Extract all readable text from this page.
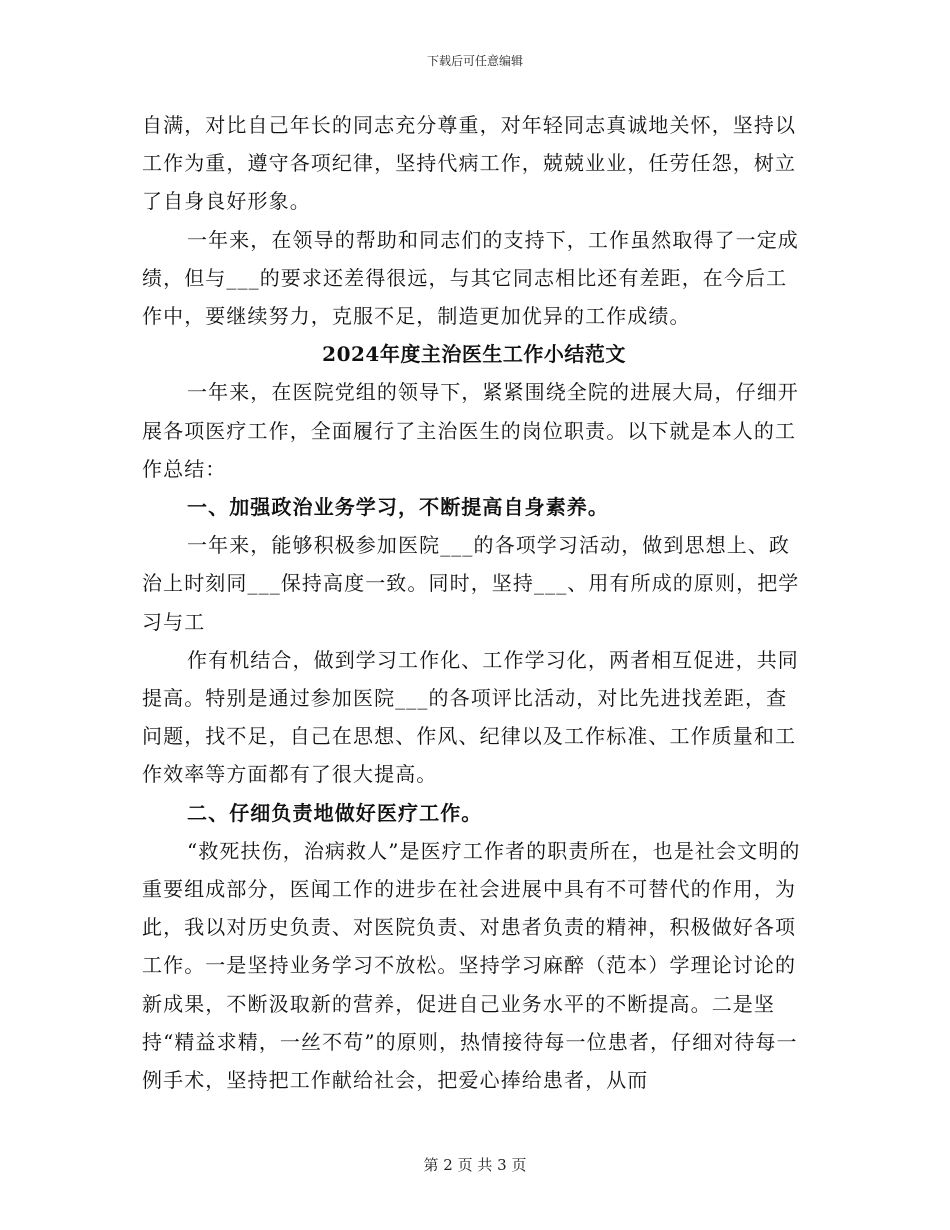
下载后可任意编辑

自满，对比自己年长的同志充分尊重，对年轻同志真诚地关怀，坚持以工作为重，遵守各项纪律，坚持代病工作，兢兢业业，任劳任怨，树立了自身良好形象。

一年来，在领导的帮助和同志们的支持下，工作虽然取得了一定成绩，但与___的要求还差得很远，与其它同志相比还有差距，在今后工作中，要继续努力，克服不足，制造更加优异的工作成绩。

2024年度主治医生工作小结范文

一年来，在医院党组的领导下，紧紧围绕全院的进展大局，仔细开展各项医疗工作，全面履行了主治医生的岗位职责。以下就是本人的工作总结：

一、加强政治业务学习，不断提高自身素养。

一年来，能够积极参加医院___的各项学习活动，做到思想上、政治上时刻同___保持高度一致。同时，坚持___、用有所成的原则，把学习与工

作有机结合，做到学习工作化、工作学习化，两者相互促进，共同提高。特别是通过参加医院___的各项评比活动，对比先进找差距，查问题，找不足，自己在思想、作风、纪律以及工作标准、工作质量和工作效率等方面都有了很大提高。

二、仔细负责地做好医疗工作。

“救死扶伤，治病救人”是医疗工作者的职责所在，也是社会文明的重要组成部分，医闻工作的进步在社会进展中具有不可替代的作用，为此，我以对历史负责、对医院负责、对患者负责的精神，积极做好各项工作。一是坚持业务学习不放松。坚持学习麻醉（范本）学理论讨论的新成果，不断汲取新的营养，促进自己业务水平的不断提高。二是坚持“精益求精，一丝不苟”的原则，热情接待每一位患者，仔细对待每一例手术，坚持把工作献给社会，把爱心捧给患者，从而

第 2 页 共 3 页
